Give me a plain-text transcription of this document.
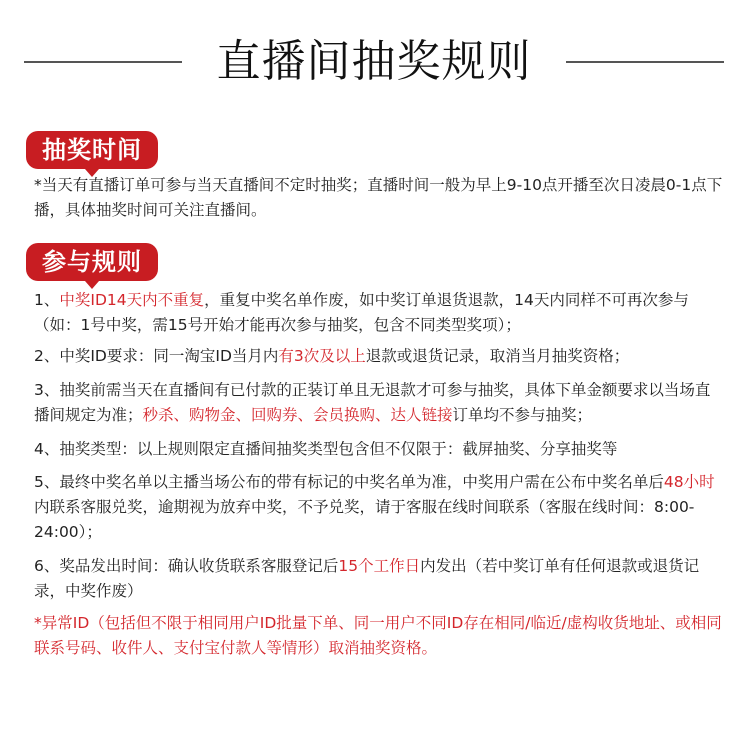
直播间抽奖规则
抽奖时间

*当天有直播订单可参与当天直播间不定时抽奖；直播时间一般为早上9-10点开播至次日凌晨0-1点下播，具体抽奖时间可关注直播间。

参与规则

1、中奖ID14天内不重复，重复中奖名单作废，如中奖订单退货退款，14天内同样不可再次参与（如：1号中奖，需15号开始才能再次参与抽奖，包含不同类型奖项）；

2、中奖ID要求：同一淘宝ID当月内有3次及以上退款或退货记录，取消当月抽奖资格；

3、抽奖前需当天在直播间有已付款的正装订单且无退款才可参与抽奖，具体下单金额要求以当场直播间规定为准；秒杀、购物金、回购券、会员换购、达人链接订单均不参与抽奖；

4、抽奖类型：以上规则限定直播间抽奖类型包含但不仅限于：截屏抽奖、分享抽奖等

5、最终中奖名单以主播当场公布的带有标记的中奖名单为准，中奖用户需在公布中奖名单后48小时内联系客服兑奖，逾期视为放弃中奖，不予兑奖，请于客服在线时间联系（客服在线时间：8:00-24:00）；

6、奖品发出时间：确认收货联系客服登记后15个工作日内发出（若中奖订单有任何退款或退货记录，中奖作废）

*异常ID（包括但不限于相同用户ID批量下单、同一用户不同ID存在相同/临近/虚构收货地址、或相同联系号码、收件人、支付宝付款人等情形）取消抽奖资格。
